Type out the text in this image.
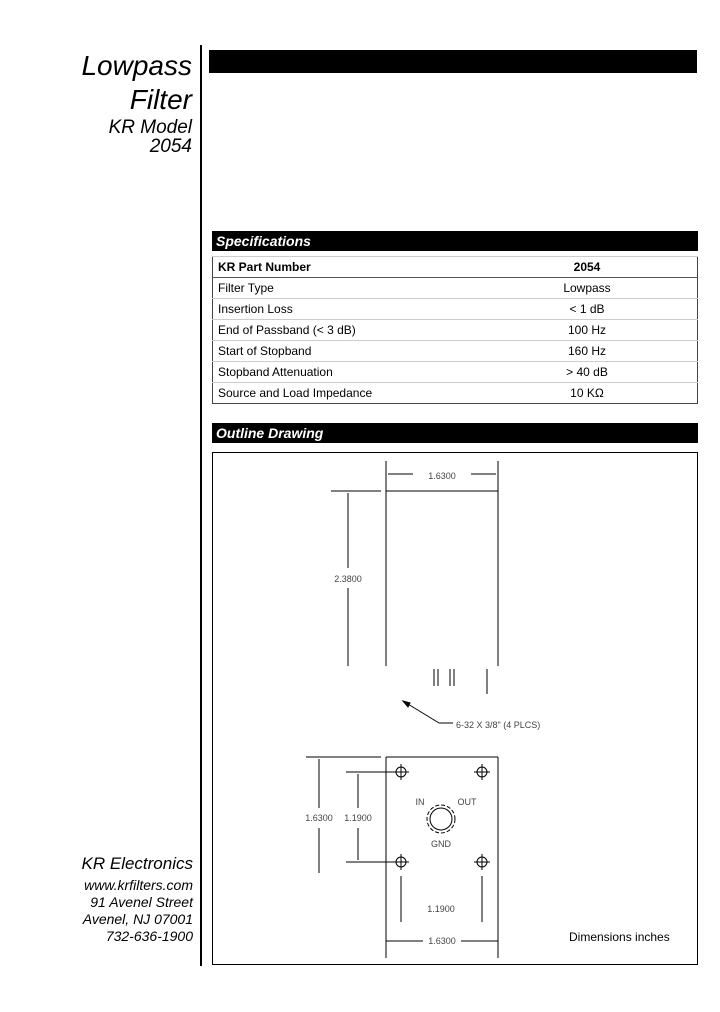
Lowpass
Filter
KR Model
2054
Specifications
KR Part Number	2054
Filter Type	Lowpass
Insertion Loss	< 1 dB
End of Passband (< 3 dB)	100 Hz
Start of Stopband	160 Hz
Stopband Attenuation	> 40 dB
Source and Load Impedance	10 KΩ
Outline Drawing
1.6300
2.3800
6-32 X 3/8" (4 PLCS)
1.6300 1.1900
IN	OUT
GND
1.1900
1.6300	Dimensions inches
KR Electronics
www.krfilters.com
91 Avenel Street
Avenel, NJ 07001
732-636-1900
